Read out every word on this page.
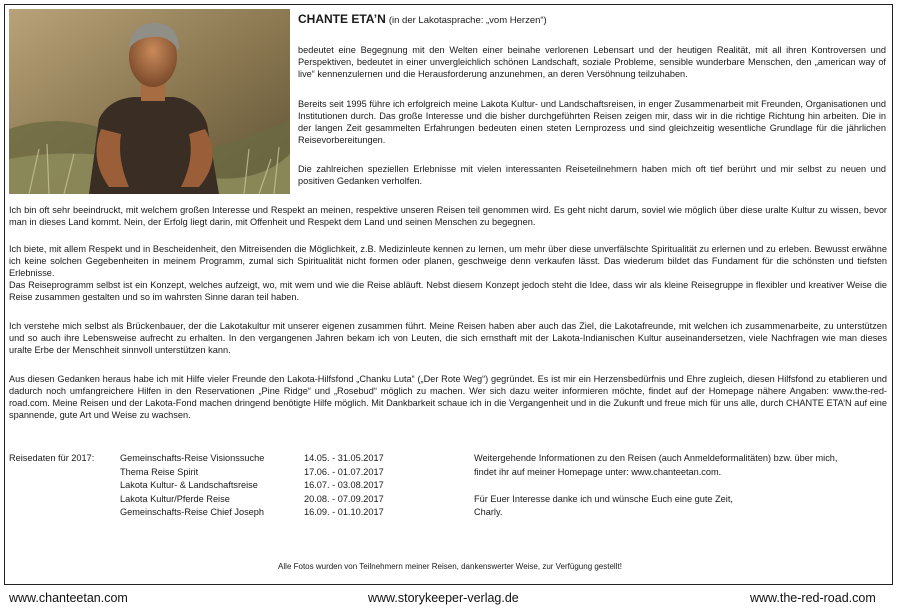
CHANTE ETA’N (in der Lakotasprache: „vom Herzen“)
bedeutet eine Begegnung mit den Welten einer beinahe verlorenen Lebensart und der heutigen Realität, mit all ihren Kontroversen und Perspektiven, bedeutet in einer unvergleichlich schönen Landschaft, soziale Probleme, sensible wunderbare Menschen, den „american way of live“ kennenzulernen und die Herausforderung anzunehmen, an deren Versöhnung teilzuhaben.
Bereits seit 1995 führe ich erfolgreich meine Lakota Kultur- und Landschaftsreisen, in enger Zusammenarbeit mit Freunden, Organisationen und Institutionen durch. Das große Interesse und die bisher durchgeführten Reisen zeigen mir, dass wir in die richtige Richtung hin arbeiten. Die in der langen Zeit gesammelten Erfahrungen bedeuten einen steten Lernprozess und sind gleichzeitig wesentliche Grundlage für die jährlichen Reisevorbereitungen.
Die zahlreichen speziellen Erlebnisse mit vielen interessanten Reiseteilnehmern haben mich oft tief berührt und mir selbst zu neuen und positiven Gedanken verholfen.
Ich bin oft sehr beeindruckt, mit welchem großen Interesse und Respekt an meinen, respektive unseren Reisen teil genommen wird. Es geht nicht darum, soviel wie möglich über diese uralte Kultur zu wissen, bevor man in dieses Land kommt. Nein, der Erfolg liegt darin, mit Offenheit und Respekt dem Land und seinen Menschen zu begegnen.
Ich biete, mit allem Respekt und in Bescheidenheit, den Mitreisenden die Möglichkeit, z.B. Medizinleute kennen zu lernen, um mehr über diese unverfälschte Spiritualität zu erlernen und zu erleben. Bewusst erwähne ich keine solchen Gegebenheiten in meinem Programm, zumal sich Spiritualität nicht formen oder planen, geschweige denn verkaufen lässt. Das wiederum bildet das Fundament für die schönsten und tiefsten Erlebnisse.
Das Reiseprogramm selbst ist ein Konzept, welches aufzeigt, wo, mit wem und wie die Reise abläuft. Nebst diesem Konzept jedoch steht die Idee, dass wir als kleine Reisegruppe in flexibler und kreativer Weise die Reise zusammen gestalten und so im wahrsten Sinne daran teil haben.
Ich verstehe mich selbst als Brückenbauer, der die Lakotakultur mit unserer eigenen zusammen führt. Meine Reisen haben aber auch das Ziel, die Lakotafreunde, mit welchen ich zusammenarbeite, zu unterstützen und so auch ihre Lebensweise aufrecht zu erhalten. In den vergangenen Jahren bekam ich von Leuten, die sich ernsthaft mit der Lakota-Indianischen Kultur auseinandersetzen, viele Nachfragen wie man dieses uralte Erbe der Menschheit sinnvoll unterstützen kann.
Aus diesen Gedanken heraus habe ich mit Hilfe vieler Freunde den Lakota-Hilfsfond „Chanku Luta“ („Der Rote Weg“) gegründet. Es ist mir ein Herzensbedürfnis und Ehre zugleich, diesen Hilfsfond zu etablieren und dadurch noch umfangreichere Hilfen in den Reservationen „Pine Ridge“ und „Rosebud“ möglich zu machen. Wer sich dazu weiter informieren möchte, findet auf der Homepage nähere Angaben: www.the-red-road.com. Meine Reisen und der Lakota-Fond machen dringend benötigte Hilfe möglich. Mit Dankbarkeit schaue ich in die Vergangenheit und in die Zukunft und freue mich für uns alle, durch CHANTE ETA’N auf eine spannende, gute Art und Weise zu wachsen.
Reisedaten für 2017:	Gemeinschafts-Reise Visionssuche	14.05. - 31.05.2017
Thema Reise Spirit	17.06. - 01.07.2017
Lakota Kultur- & Landschaftsreise	16.07. - 03.08.2017
Lakota Kultur/Pferde Reise	20.08. - 07.09.2017
Gemeinschafts-Reise Chief Joseph	16.09. - 01.10.2017
Weitergehende Informationen zu den Reisen (auch Anmeldeformalitäten) bzw. über mich,
findet ihr auf meiner Homepage unter: www.chanteetan.com.
Für Euer Interesse danke ich und wünsche Euch eine gute Zeit,
Charly.
Alle Fotos wurden von Teilnehmern meiner Reisen, dankenswerter Weise, zur Verfügung gestellt!
www.chanteetan.com	www.storykeeper-verlag.de	www.the-red-road.com
